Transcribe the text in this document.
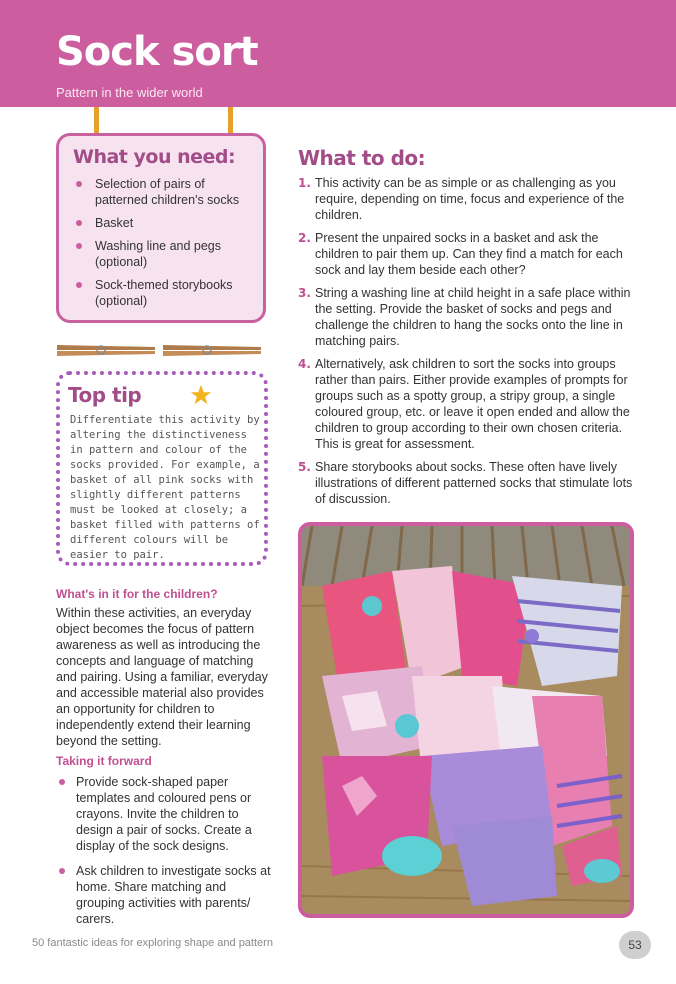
Sock sort
Pattern in the wider world
What you need:
Selection of pairs of patterned children's socks
Basket
Washing line and pegs (optional)
Sock-themed storybooks (optional)
Top tip

Differentiate this activity by altering the distinctiveness in pattern and colour of the socks provided. For example, a basket of all pink socks with slightly different patterns must be looked at closely; a basket filled with patterns of different colours will be easier to pair.

What's in it for the children?

Within these activities, an everyday object becomes the focus of pattern awareness as well as introducing the concepts and language of matching and pairing. Using a familiar, everyday and accessible material also provides an opportunity for children to independently extend their learning beyond the setting.

Taking it forward

Provide sock-shaped paper templates and coloured pens or crayons. Invite the children to design a pair of socks. Create a display of the sock designs.
Ask children to investigate socks at home. Share matching and grouping activities with parents/ carers.
What to do:
1. This activity can be as simple or as challenging as you require, depending on time, focus and experience of the children.
2. Present the unpaired socks in a basket and ask the children to pair them up. Can they find a match for each sock and lay them beside each other?
3. String a washing line at child height in a safe place within the setting. Provide the basket of socks and pegs and challenge the children to hang the socks onto the line in matching pairs.
4. Alternatively, ask children to sort the socks into groups rather than pairs. Either provide examples of prompts for groups such as a spotty group, a stripy group, a single coloured group, etc. or leave it open ended and allow the children to group according to their own chosen criteria. This is great for assessment.
5. Share storybooks about socks. These often have lively illustrations of different patterned socks that stimulate lots of discussion.
50 fantastic ideas for exploring shape and pattern	53
